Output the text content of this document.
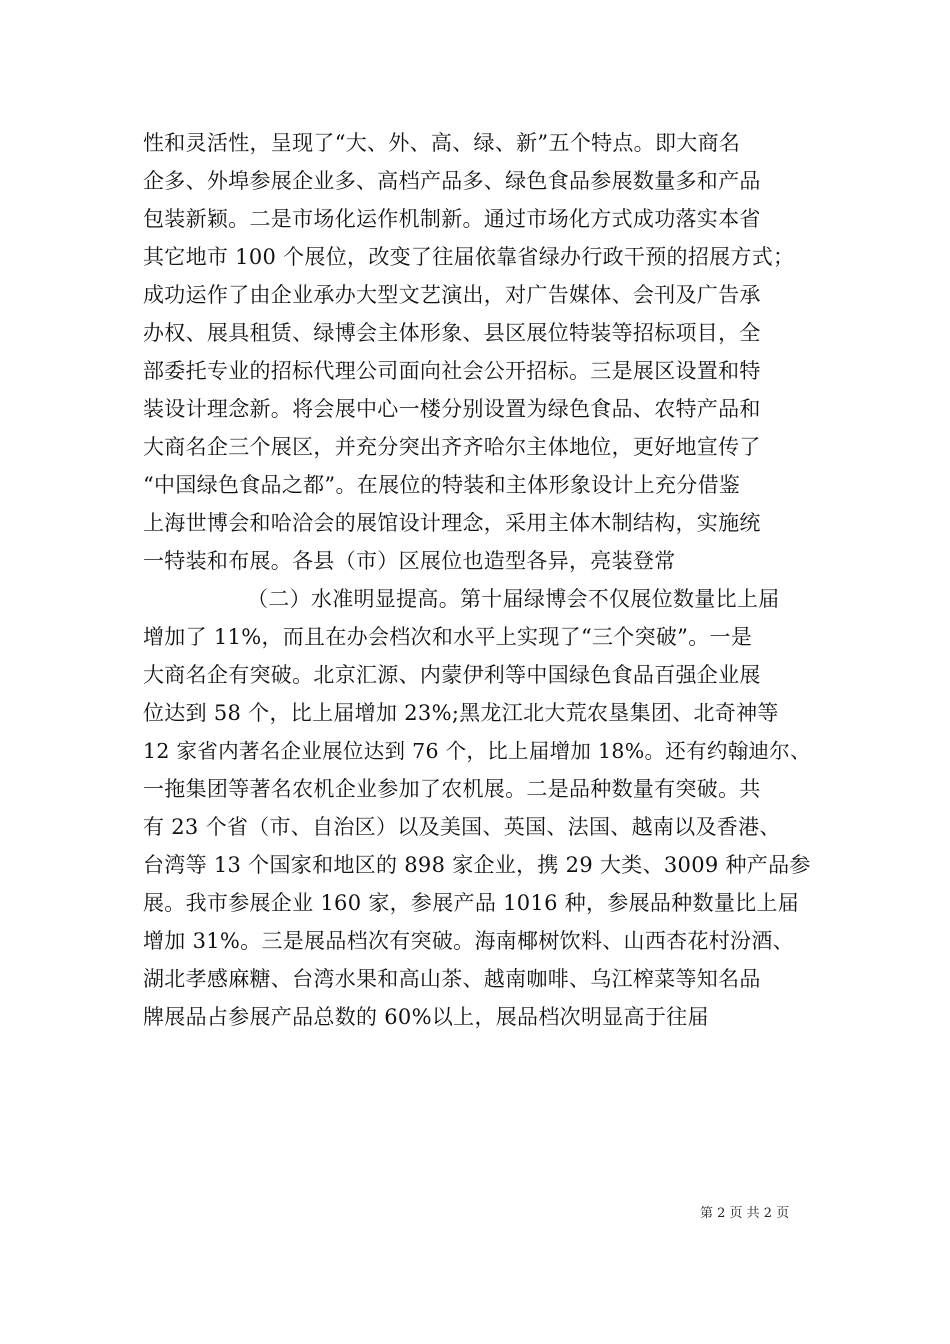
性和灵活性，呈现了“大、外、高、绿、新”五个特点。即大商名
企多、外埠参展企业多、高档产品多、绿色食品参展数量多和产品
包装新颖。二是市场化运作机制新。通过市场化方式成功落实本省
其它地市 100 个展位，改变了往届依靠省绿办行政干预的招展方式；
成功运作了由企业承办大型文艺演出，对广告媒体、会刊及广告承
办权、展具租赁、绿博会主体形象、县区展位特装等招标项目，全
部委托专业的招标代理公司面向社会公开招标。三是展区设置和特
装设计理念新。将会展中心一楼分别设置为绿色食品、农特产品和
大商名企三个展区，并充分突出齐齐哈尔主体地位，更好地宣传了
“中国绿色食品之都”。在展位的特装和主体形象设计上充分借鉴
上海世博会和哈洽会的展馆设计理念，采用主体木制结构，实施统
一特装和布展。各县（市）区展位也造型各异，亮装登常
（二）水准明显提高。第十届绿博会不仅展位数量比上届
增加了 11%，而且在办会档次和水平上实现了“三个突破”。一是
大商名企有突破。北京汇源、内蒙伊利等中国绿色食品百强企业展
位达到 58 个，比上届增加 23%;黑龙江北大荒农垦集团、北奇神等
12 家省内著名企业展位达到 76 个，比上届增加 18%。还有约翰迪尔、
一拖集团等著名农机企业参加了农机展。二是品种数量有突破。共
有 23 个省（市、自治区）以及美国、英国、法国、越南以及香港、
台湾等 13 个国家和地区的 898 家企业，携 29 大类、3009 种产品参
展。我市参展企业 160 家，参展产品 1016 种，参展品种数量比上届
增加 31%。三是展品档次有突破。海南椰树饮料、山西杏花村汾酒、
湖北孝感麻糖、台湾水果和高山茶、越南咖啡、乌江榨菜等知名品
牌展品占参展产品总数的 60%以上，展品档次明显高于往届
第 2 页 共 2 页
